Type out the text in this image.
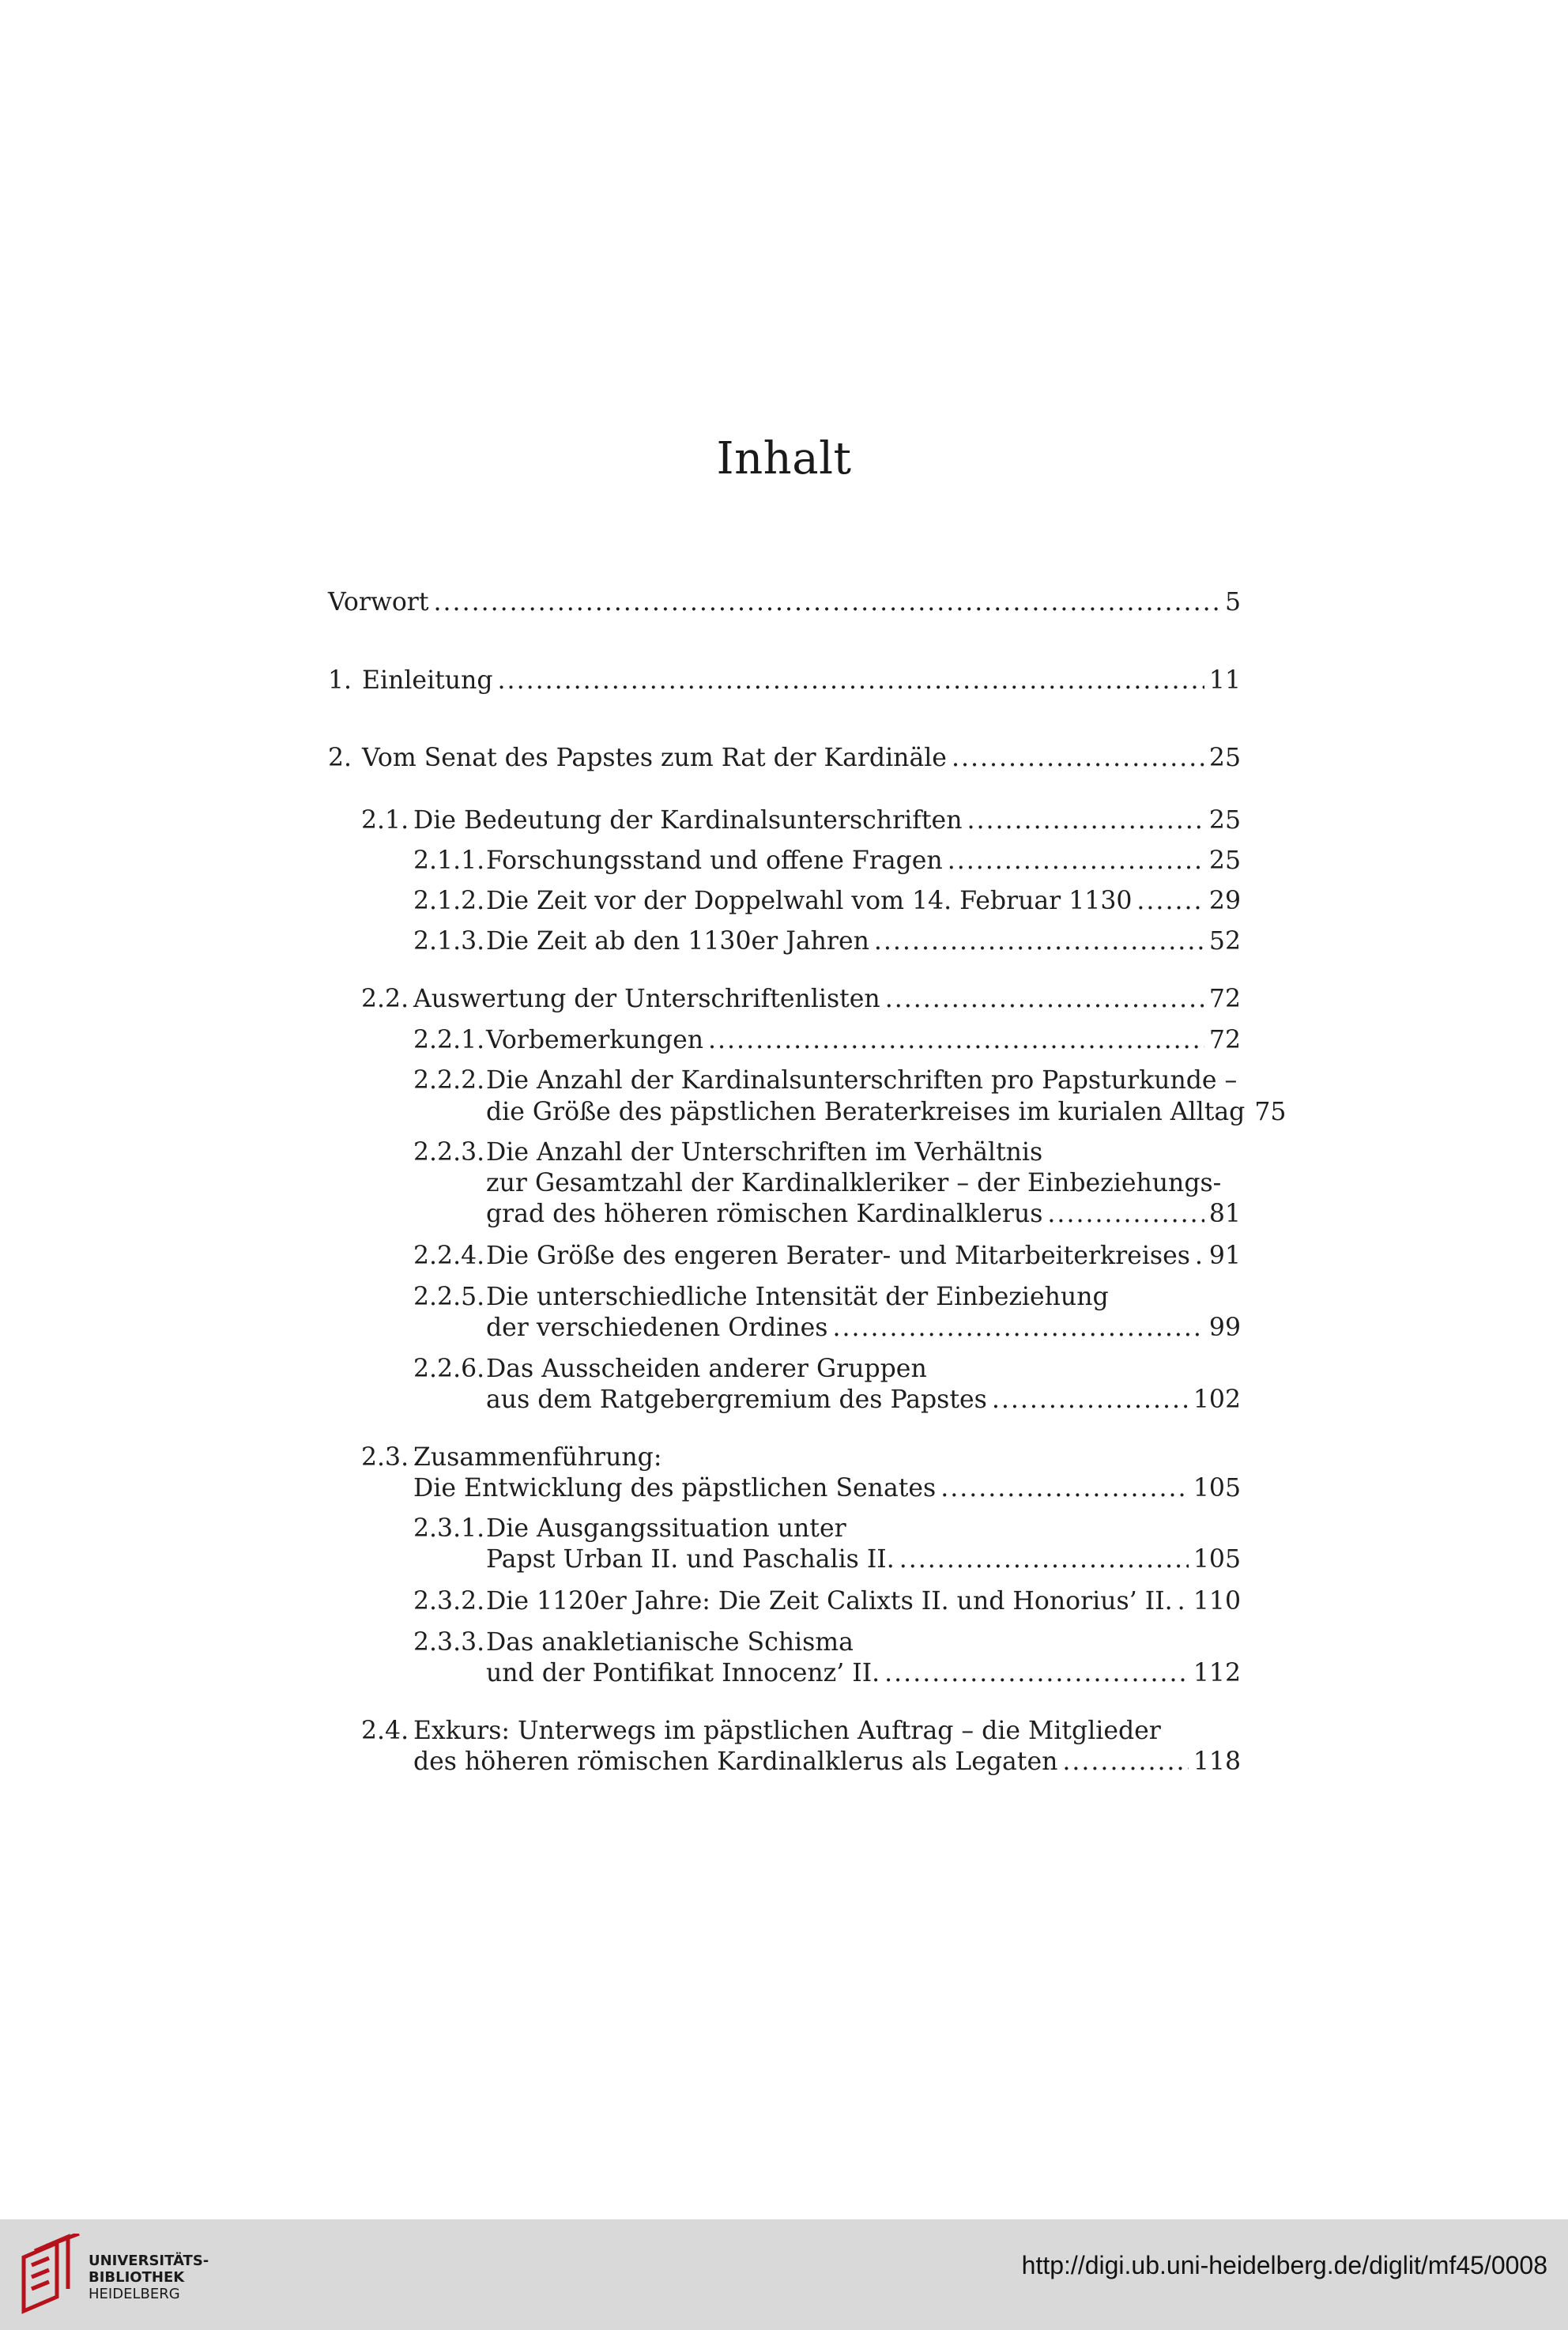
Inhalt
Vorwort .....	5
1. Einleitung .....	11
2. Vom Senat des Papstes zum Rat der Kardinäle .....	25
2.1. Die Bedeutung der Kardinalsunterschriften .....	25
2.1.1. Forschungsstand und offene Fragen .....	25
2.1.2. Die Zeit vor der Doppelwahl vom 14. Februar 1130 .....	29
2.1.3. Die Zeit ab den 1130er Jahren .....	52
2.2. Auswertung der Unterschriftenlisten .....	72
2.2.1. Vorbemerkungen .....	72
2.2.2.Die Anzahl der Kardinalsunterschriften pro Papsturkunde –
die Größe des päpstlichen Beraterkreises im kurialen Alltag 75
2.2.3.Die Anzahl der Unterschriften im Verhältnis
zur Gesamtzahl der Kardinalkleriker – der Einbeziehungs-
grad des höheren römischen Kardinalklerus .....	81
2.2.4. Die Größe des engeren Berater- und Mitarbeiterkreises ..... 91
2.2.5.Die unterschiedliche Intensität der Einbeziehung
der verschiedenen Ordines .....	99
2.2.6.Das Ausscheiden anderer Gruppen
aus dem Ratgebergremium des Papstes .....	102
2.3. Zusammenführung:
Die Entwicklung des päpstlichen Senates .....	105
2.3.1.Die Ausgangssituation unter
Papst Urban II. und Paschalis II. .....	105
2.3.2. Die 1120er Jahre: Die Zeit Calixts II. und Honorius’ II. ..... 110
2.3.3.Das anakletianische Schisma
und der Pontifikat Innocenz’ II. .....	112
2.4. Exkurs: Unterwegs im päpstlichen Auftrag – die Mitglieder
des höheren römischen Kardinalklerus als Legaten .....	118
UNIVERSITÄTS-
BIBLIOTHEK
HEIDELBERG
http://digi.ub.uni-heidelberg.de/diglit/mf45/0008
